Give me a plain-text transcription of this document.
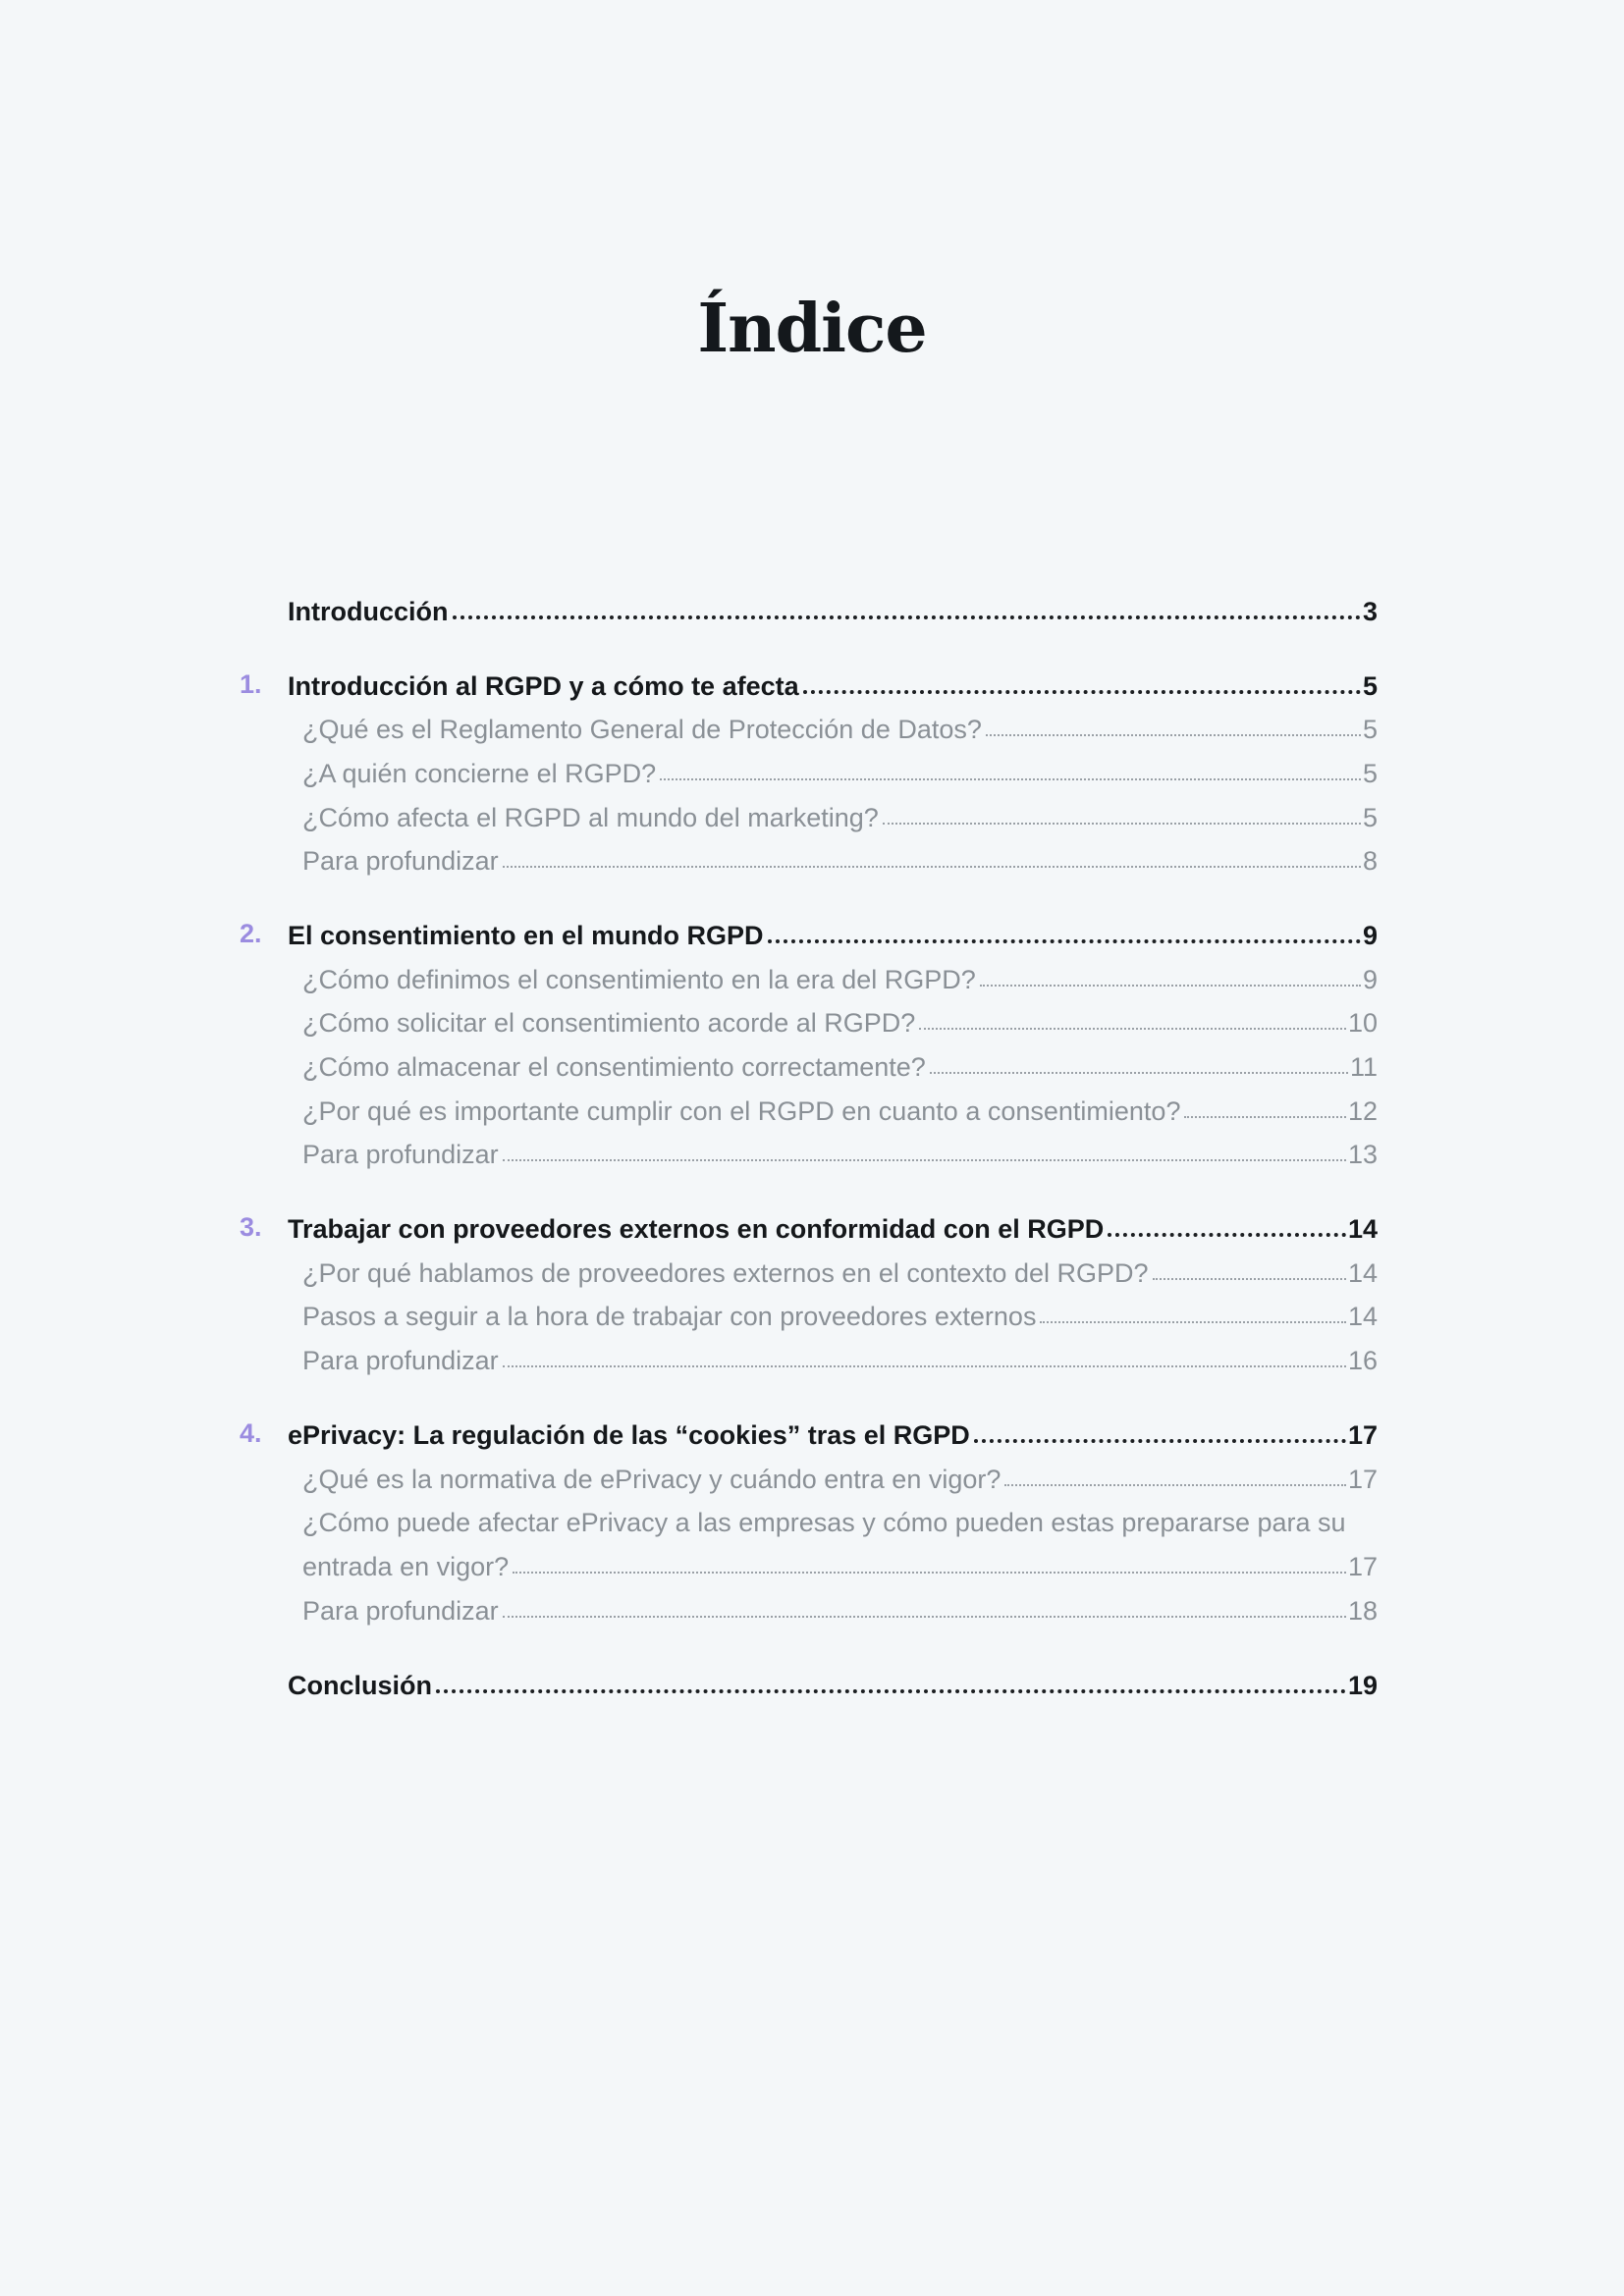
Índice
Introducción	3
1. Introducción al RGPD y a cómo te afecta	5
¿Qué es el Reglamento General de Protección de Datos?	5
¿A quién concierne el RGPD?	5
¿Cómo afecta el RGPD al mundo del marketing?	5
Para profundizar	8
2. El consentimiento en el mundo RGPD	9
¿Cómo definimos el consentimiento en la era del RGPD?	9
¿Cómo solicitar el consentimiento acorde al RGPD?	10
¿Cómo almacenar el consentimiento correctamente?	11
¿Por qué es importante cumplir con el RGPD en cuanto a consentimiento?	12
Para profundizar	13
3. Trabajar con proveedores externos en conformidad con el RGPD	14
¿Por qué hablamos de proveedores externos en el contexto del RGPD?	14
Pasos a seguir a la hora de trabajar con proveedores externos	14
Para profundizar	16
4. ePrivacy: La regulación de las “cookies” tras el RGPD	17
¿Qué es la normativa de ePrivacy y cuándo entra en vigor?	17
¿Cómo puede afectar ePrivacy a las empresas y cómo pueden estas prepararse para su
entrada en vigor?	17
Para profundizar	18
Conclusión	19
